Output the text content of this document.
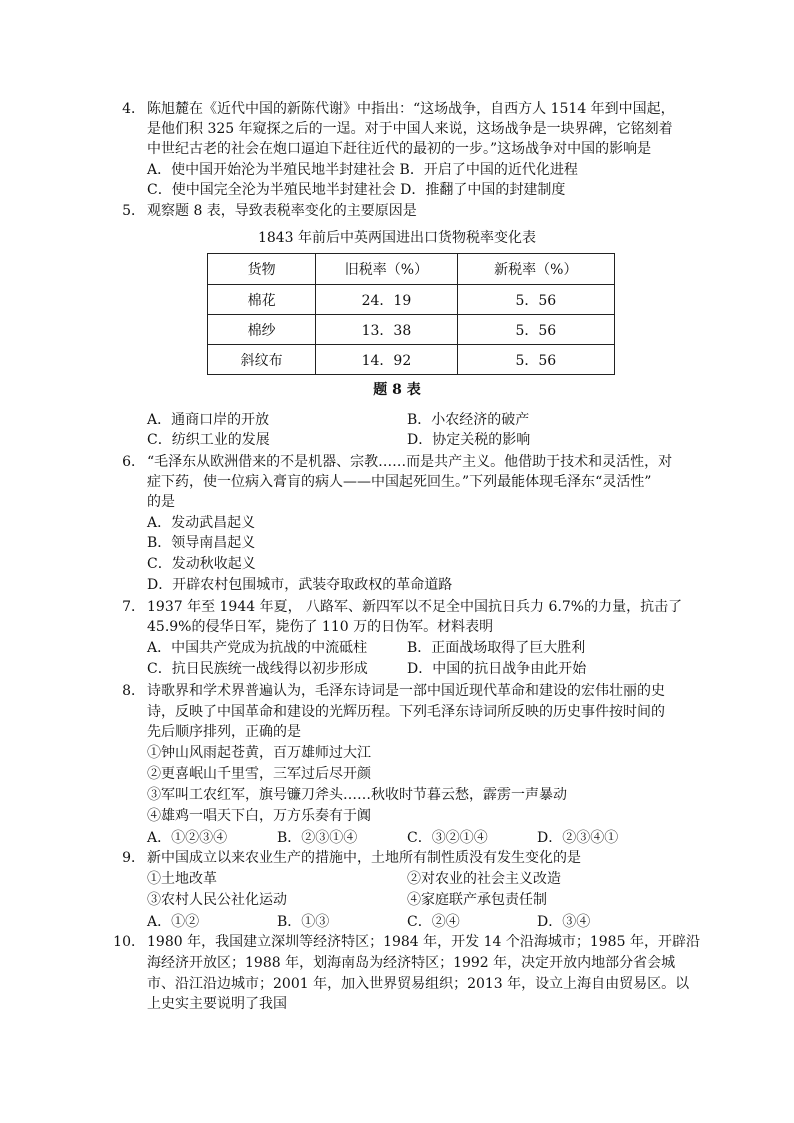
4． 陈旭麓在《近代中国的新陈代谢》中指出：“这场战争，自西方人 1514 年到中国起，
是他们积 325 年窥探之后的一逞。对于中国人来说，这场战争是一块界碑，它铭刻着
中世纪古老的社会在炮口逼迫下赶往近代的最初的一步。”这场战争对中国的影响是
A．使中国开始沦为半殖民地半封建社会 B．开启了中国的近代化进程
C．使中国完全沦为半殖民地半封建社会 D．推翻了中国的封建制度
5． 观察题 8 表，导致表税率变化的主要原因是
1843 年前后中英两国进出口货物税率变化表
货物	旧税率（%）	新税率（%）
棉花	24．19	5．56
棉纱	13．38	5．56
斜纹布	14．92	5．56
题 8 表
A．通商口岸的开放	B．小农经济的破产
C．纺织工业的发展	D．协定关税的影响
6． “毛泽东从欧洲借来的不是机器、宗教……而是共产主义。他借助于技术和灵活性，对
症下药，使一位病入膏肓的病人——中国起死回生。”下列最能体现毛泽东“灵活性”
的是
A．发动武昌起义
B．领导南昌起义
C．发动秋收起义
D．开辟农村包围城市，武装夺取政权的革命道路
7． 1937 年至 1944 年夏， 八路军、新四军以不足全中国抗日兵力 6.7%的力量，抗击了
45.9%的侵华日军，毙伤了 110 万的日伪军。材料表明
A．中国共产党成为抗战的中流砥柱	B．正面战场取得了巨大胜利
C．抗日民族统一战线得以初步形成	D．中国的抗日战争由此开始
8． 诗歌界和学术界普遍认为，毛泽东诗词是一部中国近现代革命和建设的宏伟壮丽的史
诗，反映了中国革命和建设的光辉历程。下列毛泽东诗词所反映的历史事件按时间的
先后顺序排列，正确的是
①钟山风雨起苍黄，百万雄师过大江
②更喜岷山千里雪，三军过后尽开颜
③军叫工农红军，旗号镰刀斧头……秋收时节暮云愁，霹雳一声暴动
④雄鸡一唱天下白，万方乐奏有于阗
A．①②③④	B．②③①④	C．③②①④	D．②③④①
9． 新中国成立以来农业生产的措施中，土地所有制性质没有发生变化的是
①土地改革	②对农业的社会主义改造
③农村人民公社化运动	④家庭联产承包责任制
A．①②	B．①③	C．②④	D．③④
10． 1980 年，我国建立深圳等经济特区；1984 年，开发 14 个沿海城市；1985 年，开辟沿
海经济开放区；1988 年，划海南岛为经济特区；1992 年，决定开放内地部分省会城
市、沿江沿边城市；2001 年，加入世界贸易组织；2013 年，设立上海自由贸易区。以
上史实主要说明了我国
